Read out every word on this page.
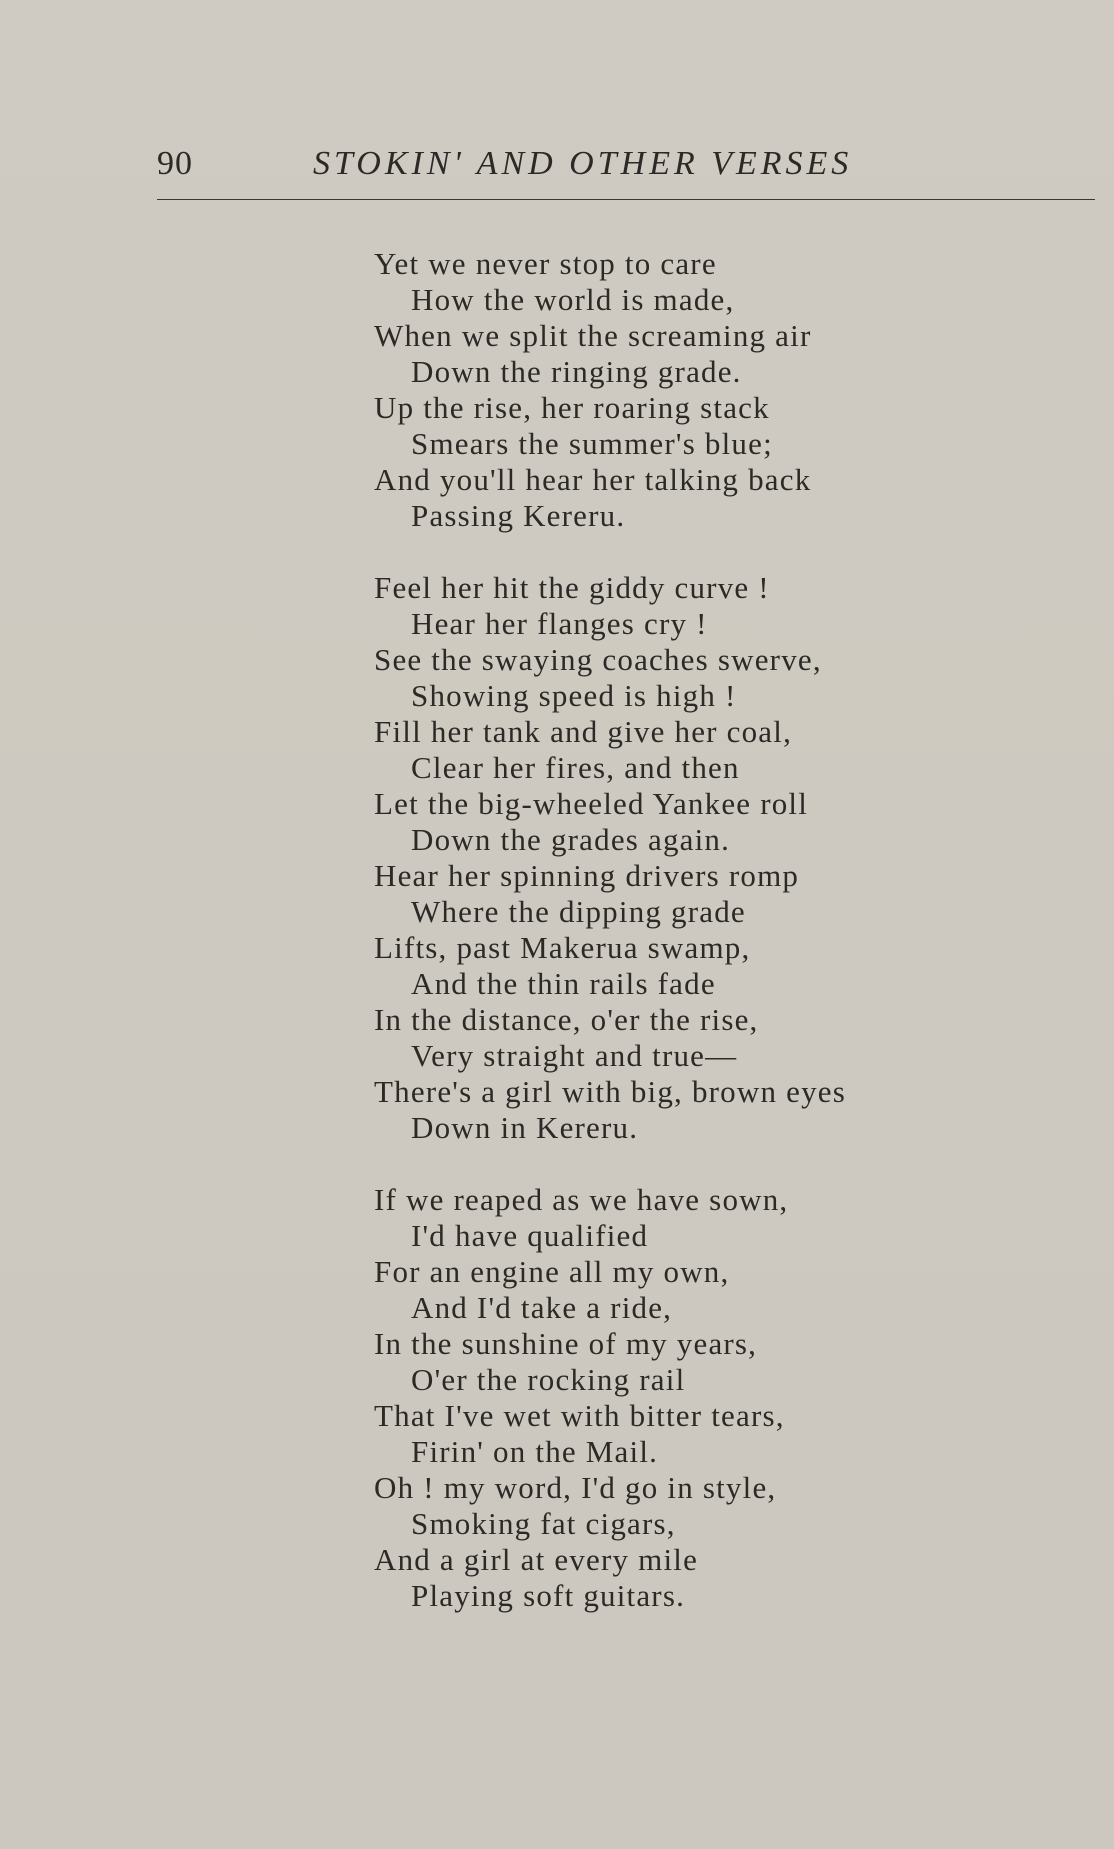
90	STOKIN' AND OTHER VERSES
Yet we never stop to care
How the world is made,
When we split the screaming air
Down the ringing grade.
Up the rise, her roaring stack
Smears the summer's blue;
And you'll hear her talking back
Passing Kereru.
Feel her hit the giddy curve !
Hear her flanges cry !
See the swaying coaches swerve,
Showing speed is high !
Fill her tank and give her coal,
Clear her fires, and then
Let the big-wheeled Yankee roll
Down the grades again.
Hear her spinning drivers romp
Where the dipping grade
Lifts, past Makerua swamp,
And the thin rails fade
In the distance, o'er the rise,
Very straight and true—
There's a girl with big, brown eyes
Down in Kereru.
If we reaped as we have sown,
I'd have qualified
For an engine all my own,
And I'd take a ride,
In the sunshine of my years,
O'er the rocking rail
That I've wet with bitter tears,
Firin' on the Mail.
Oh ! my word, I'd go in style,
Smoking fat cigars,
And a girl at every mile
Playing soft guitars.
